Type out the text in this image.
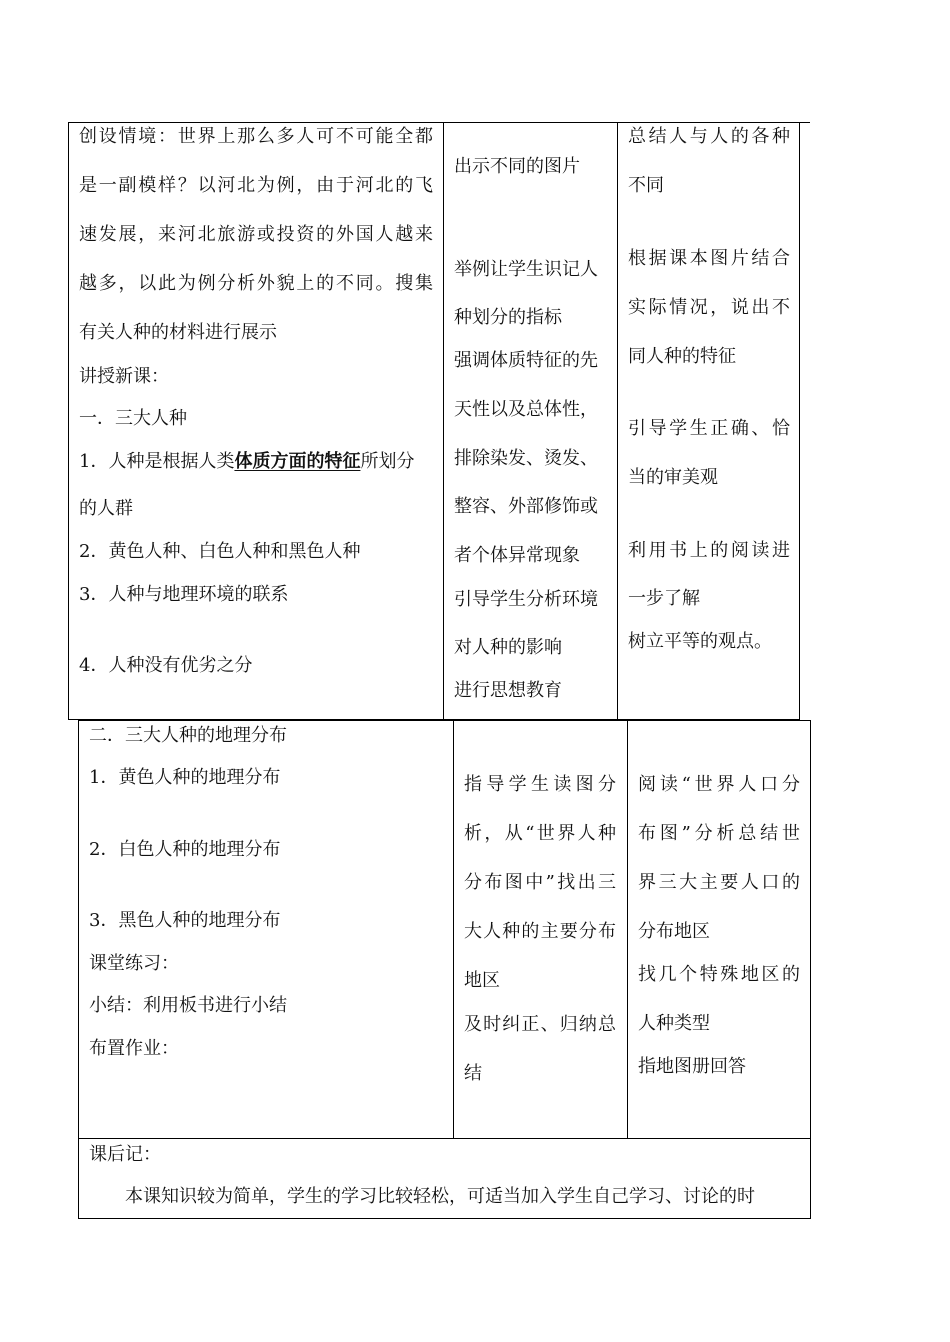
创设情境：世界上那么多人可不可能全都
是一副模样？以河北为例，由于河北的飞
速发展，来河北旅游或投资的外国人越来
越多，以此为例分析外貌上的不同。搜集
有关人种的材料进行展示
讲授新课：
一．三大人种
1．人种是根据人类体质方面的特征所划分
的人群
2．黄色人种、白色人种和黑色人种
3．人种与地理环境的联系
4．人种没有优劣之分
出示不同的图片
举例让学生识记人
种划分的指标
强调体质特征的先
天性以及总体性，
排除染发、烫发、
整容、外部修饰或
者个体异常现象
引导学生分析环境
对人种的影响
进行思想教育
总结人与人的各种
不同
根据课本图片结合
实际情况，说出不
同人种的特征
引导学生正确、恰
当的审美观
利用书上的阅读进
一步了解
树立平等的观点。
二．三大人种的地理分布
1．黄色人种的地理分布
2．白色人种的地理分布
3．黑色人种的地理分布
课堂练习：
小结：利用板书进行小结
布置作业：
指导学生读图分
析，从“世界人种
分布图中”找出三
大人种的主要分布
地区
及时纠正、归纳总
结
阅读“世界人口分
布图”分析总结世
界三大主要人口的
分布地区
找几个特殊地区的
人种类型
指地图册回答
课后记：
本课知识较为简单，学生的学习比较轻松，可适当加入学生自己学习、讨论的时
